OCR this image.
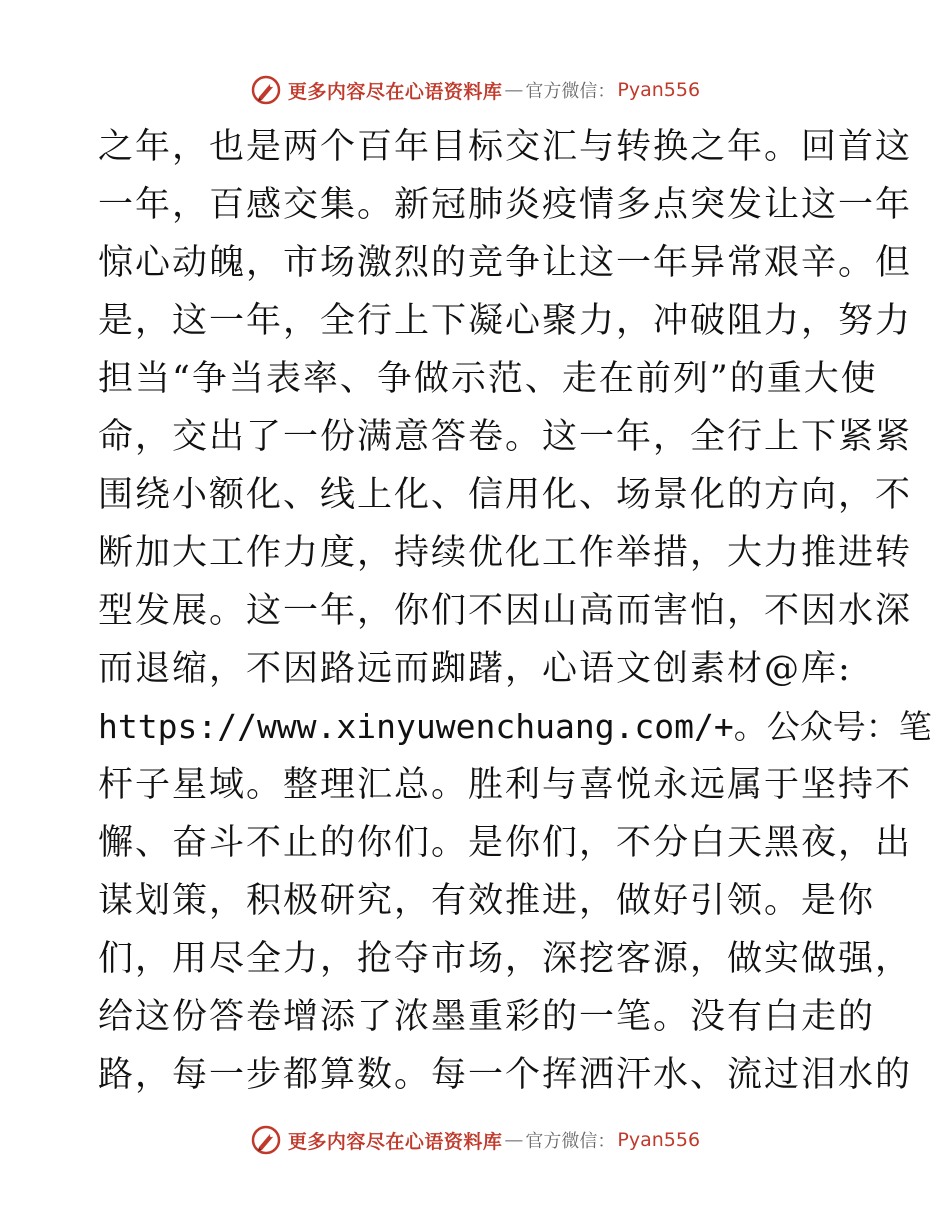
更多内容尽在心语资料库 — 官方微信： Pyan556
之年，也是两个百年目标交汇与转换之年。回首这
一年，百感交集。新冠肺炎疫情多点突发让这一年
惊心动魄，市场激烈的竞争让这一年异常艰辛。但
是，这一年，全行上下凝心聚力，冲破阻力，努力
担当“争当表率、争做示范、走在前列”的重大使
命，交出了一份满意答卷。这一年，全行上下紧紧
围绕小额化、线上化、信用化、场景化的方向，不
断加大工作力度，持续优化工作举措，大力推进转
型发展。这一年，你们不因山高而害怕，不因水深
而退缩，不因路远而踟躇，心语文创素材@库:
https://www.xinyuwenchuang.com/+。公众号：笔
杆子星域。整理汇总。胜利与喜悦永远属于坚持不
懈、奋斗不止的你们。是你们，不分白天黑夜，出
谋划策，积极研究，有效推进，做好引领。是你
们，用尽全力，抢夺市场，深挖客源，做实做强，
给这份答卷增添了浓墨重彩的一笔。没有白走的
路，每一步都算数。每一个挥洒汗水、流过泪水的
更多内容尽在心语资料库 — 官方微信： Pyan556
